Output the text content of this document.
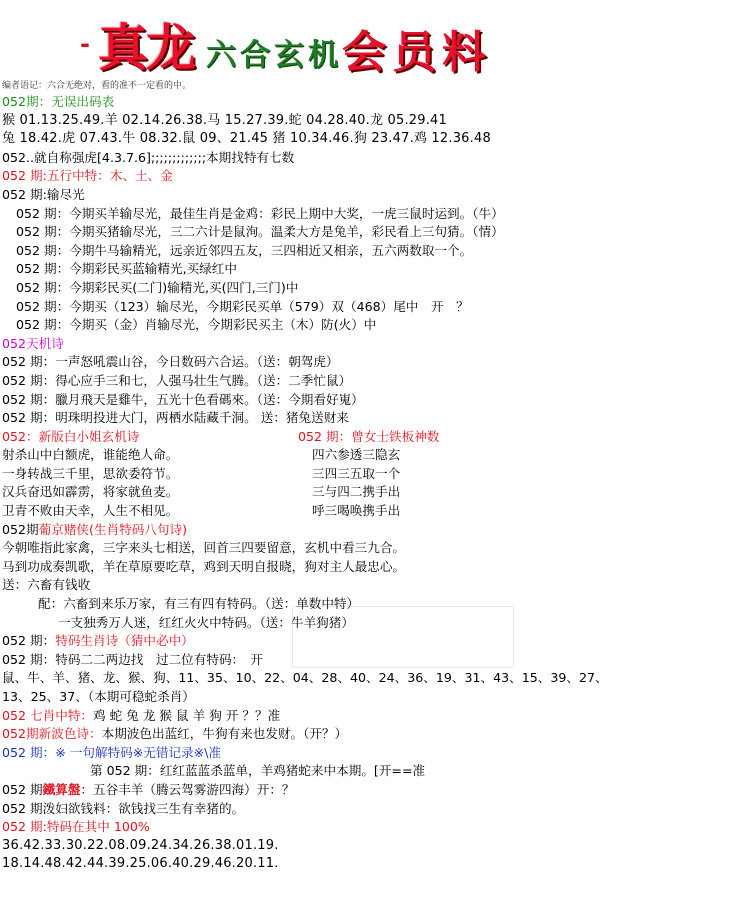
- 真 龙 六 合 玄 机 会 员 料
编者语记：六合无绝对，看的准不一定看的中。
052期：无误出码表
猴 01.13.25.49.羊 02.14.26.38.马 15.27.39.蛇 04.28.40.龙 05.29.41
兔 18.42.虎 07.43.牛 08.32.鼠 09、21.45 猪 10.34.46.狗 23.47.鸡 12.36.48
052..就自称强虎[4.3.7.6];;;;;;;;;;;;;本期找特有七数
052 期:五行中特：木、土、金
052 期:输尽光
052 期：今期买羊输尽光，最佳生肖是金鸡：彩民上期中大奖，一虎三鼠时运到。（牛）
052 期：今期买猪输尽光，三二六计是鼠洵。温柔大方是兔羊，彩民看上三句猜。（情）
052 期：今期牛马输精光，远亲近邻四五友，三四相近又相亲，五六两数取一个。
052 期：今期彩民买蓝输精光,买绿红中
052 期：今期彩民买(二门)输精光,买(四门,三门)中
052 期：今期买（123）输尽光，今期彩民买单（579）双（468）尾中　开　？
052 期：今期买（金）肖输尽光，今期彩民买主（木）防(火）中
052天机诗
052 期：一声怒吼震山谷，今日数码六合运。（送：朝驾虎）
052 期：得心应手三和七，人强马壮生气腾。（送：二季忙鼠）
052 期：臘月飛天是雞牛，五光十色看碼來。（送：今期看好嵬）
052 期：明珠明投进大门，两栖水陆藏千洞。 送：猪兔送财来
052：新版白小姐玄机诗	052 期：曾女士铁板神数
射杀山中白额虎，谁能绝人命。	四六参透三隐玄
一身转战三千里，思欲委符节。	三四三五取一个
汉兵奋迅如霹雳，将家就鱼麦。	三与四二携手出
卫青不败由天幸，人生不相见。	呼三喝唤携手出
052期葡京赌侠(生肖特码八句诗)
今朝唯指此家禽，三字来头七相送，回首三四要留意，玄机中看三九合。
马到功成奏凯歌，羊在草原要吃草，鸡到天明自报晓，狗对主人最忠心。
送：六畜有钱收
配：六畜到来乐万家，有三有四有特码。（送：单数中特）
一支独秀万人迷，红红火火中特码。（送：牛羊狗猪）
052 期：特码生肖诗（猜中必中）
052 期：特码二二两边找　过二位有特码：　开
鼠、牛、羊、猪、龙、猴、狗、11、35、10、22、04、28、40、24、36、19、31、43、15、39、27、
13、25、37、（本期可稳蛇杀肖）
052 七肖中特：鸡 蛇 兔 龙 猴 鼠 羊 狗 开 ？？准
052期新波色诗：本期波色出蓝红，牛狗有来也发财。（开？）
052 期：※ 一句解特码※无错记录※\准
第 052 期：红红蓝蓝杀蓝单，羊鸡猪蛇来中本期。[开==准
052 期鐵算盤：五谷丰羊（腾云驾雾游四海）开：？
052 期泼妇欲钱料：欲钱找三生有幸猪的。
052 期:特码在其中 100%
36.42.33.30.22.08.09.24.34.26.38.01.19.
18.14.48.42.44.39.25.06.40.29.46.20.11.
